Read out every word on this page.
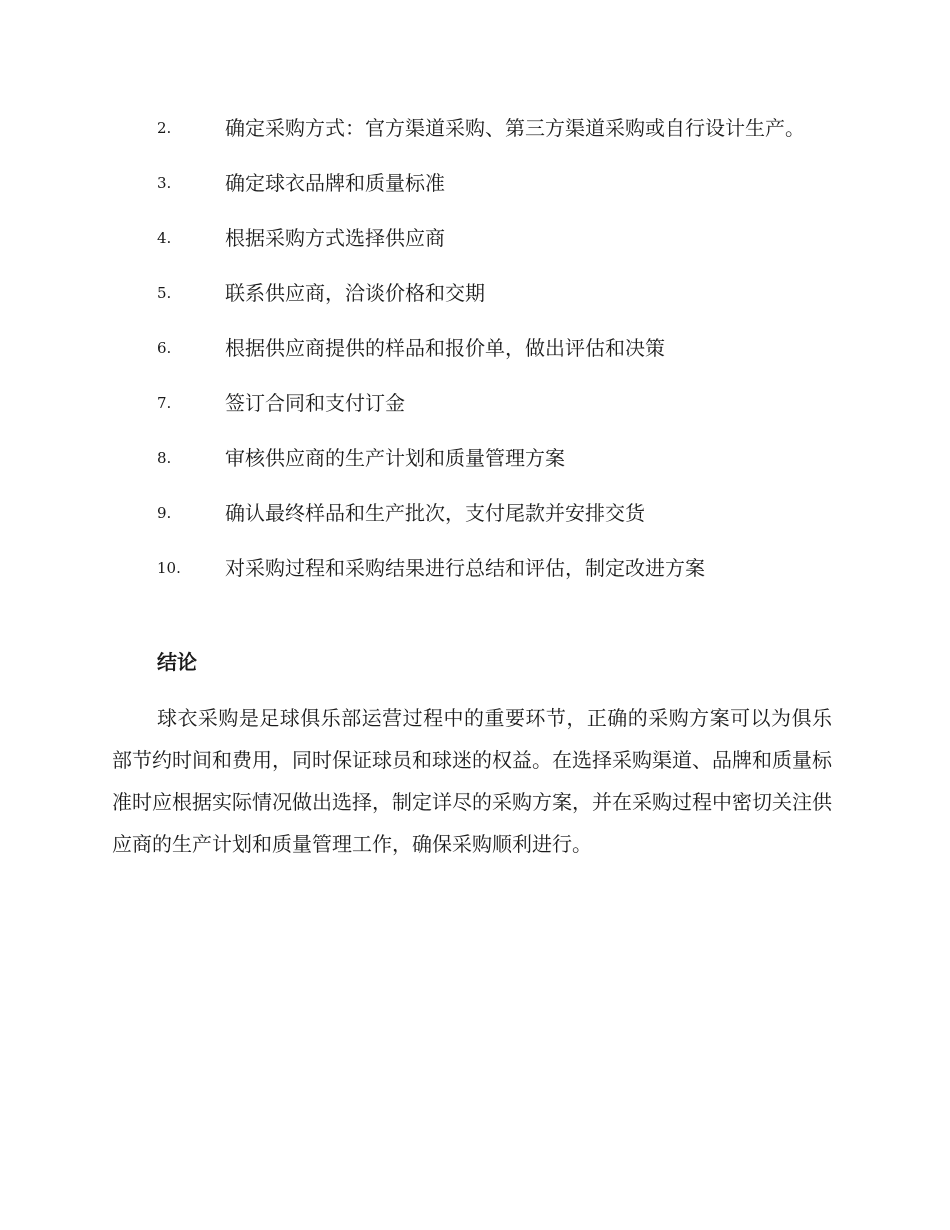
2.	确定采购方式：官方渠道采购、第三方渠道采购或自行设计生产。
3.	确定球衣品牌和质量标准
4.	根据采购方式选择供应商
5.	联系供应商，洽谈价格和交期
6.	根据供应商提供的样品和报价单，做出评估和决策
7.	签订合同和支付订金
8.	审核供应商的生产计划和质量管理方案
9.	确认最终样品和生产批次，支付尾款并安排交货
10.	对采购过程和采购结果进行总结和评估，制定改进方案
结论

球衣采购是足球俱乐部运营过程中的重要环节，正确的采购方案可以为俱乐部节约时间和费用，同时保证球员和球迷的权益。在选择采购渠道、品牌和质量标准时应根据实际情况做出选择，制定详尽的采购方案，并在采购过程中密切关注供应商的生产计划和质量管理工作，确保采购顺利进行。
